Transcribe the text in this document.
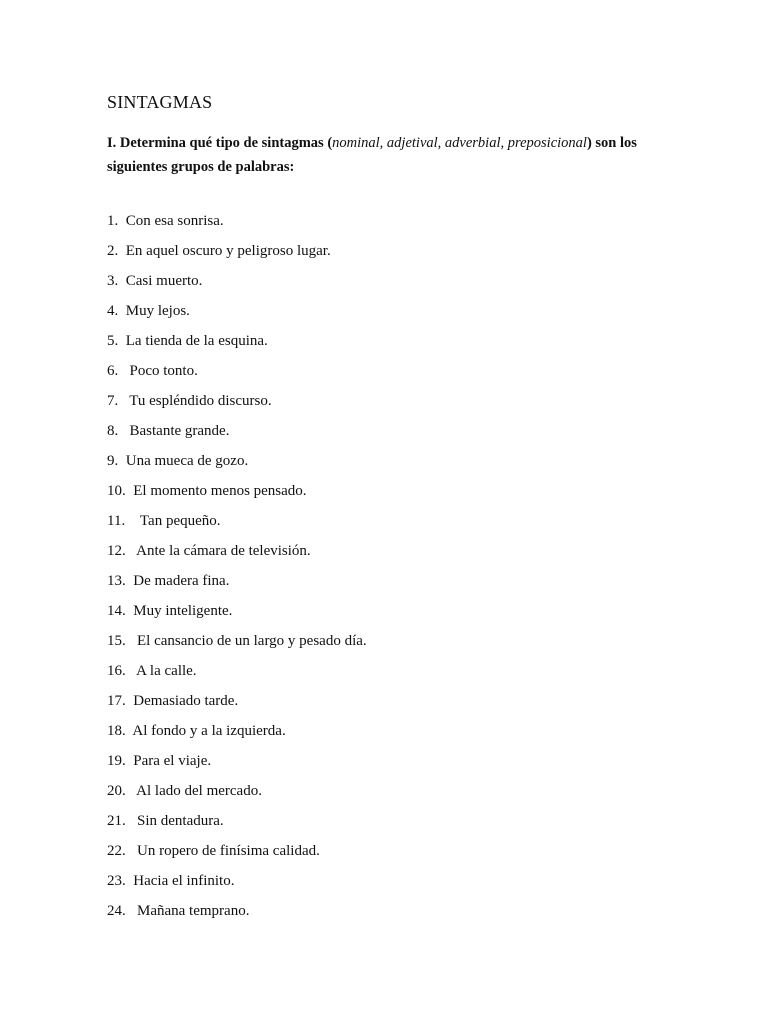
SINTAGMAS

I. Determina qué tipo de sintagmas (nominal, adjetival, adverbial, preposicional) son los siguientes grupos de palabras:

1.  Con esa sonrisa.
2.  En aquel oscuro y peligroso lugar.
3.  Casi muerto.
4.  Muy lejos.
5.  La tienda de la esquina.
6.   Poco tonto.
7.   Tu espléndido discurso.
8.   Bastante grande.
9.  Una mueca de gozo.
10.  El momento menos pensado.
11.    Tan pequeño.
12.   Ante la cámara de televisión.
13.  De madera fina.
14.  Muy inteligente.
15.   El cansancio de un largo y pesado día.
16.   A la calle.
17.  Demasiado tarde.
18.  Al fondo y a la izquierda.
19.  Para el viaje.
20.   Al lado del mercado.
21.   Sin dentadura.
22.   Un ropero de finísima calidad.
23.  Hacia el infinito.
24.   Mañana temprano.
